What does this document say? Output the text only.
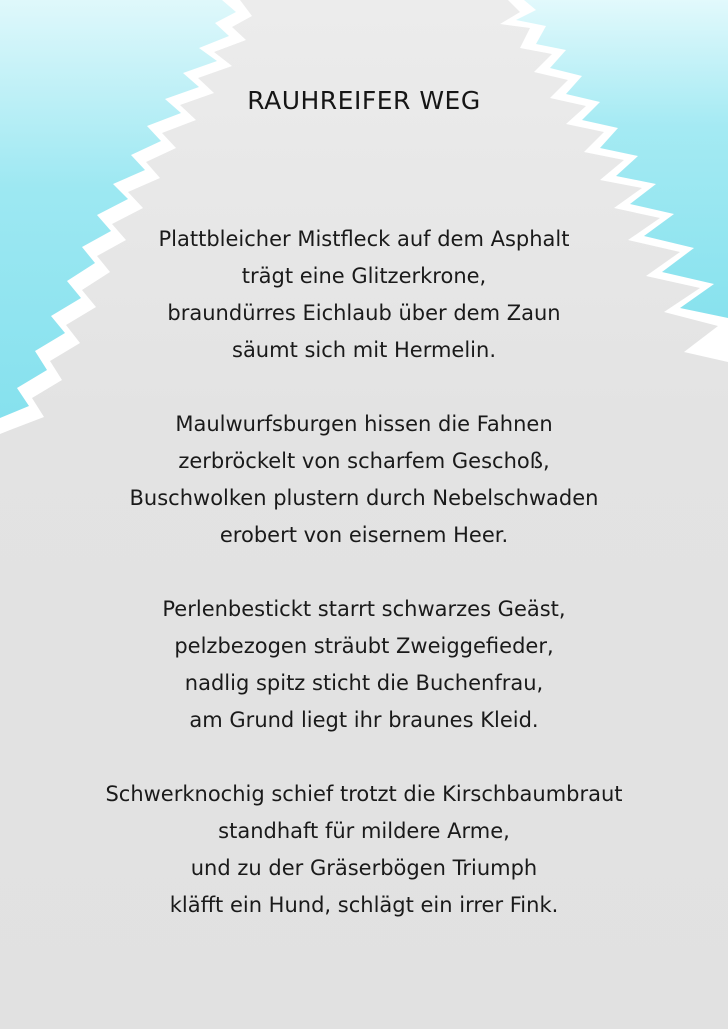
RAUHREIFER WEG
Plattbleicher Mistfleck auf dem Asphalt
trägt eine Glitzerkrone,
braundürres Eichlaub über dem Zaun
säumt sich mit Hermelin.
Maulwurfsburgen hissen die Fahnen
zerbröckelt von scharfem Geschoß,
Buschwolken plustern durch Nebelschwaden
erobert von eisernem Heer.
Perlenbestickt starrt schwarzes Geäst,
pelzbezogen sträubt Zweiggefieder,
nadlig spitz sticht die Buchenfrau,
am Grund liegt ihr braunes Kleid.
Schwerknochig schief trotzt die Kirschbaumbraut
standhaft für mildere Arme,
und zu der Gräserbögen Triumph
kläfft ein Hund, schlägt ein irrer Fink.
